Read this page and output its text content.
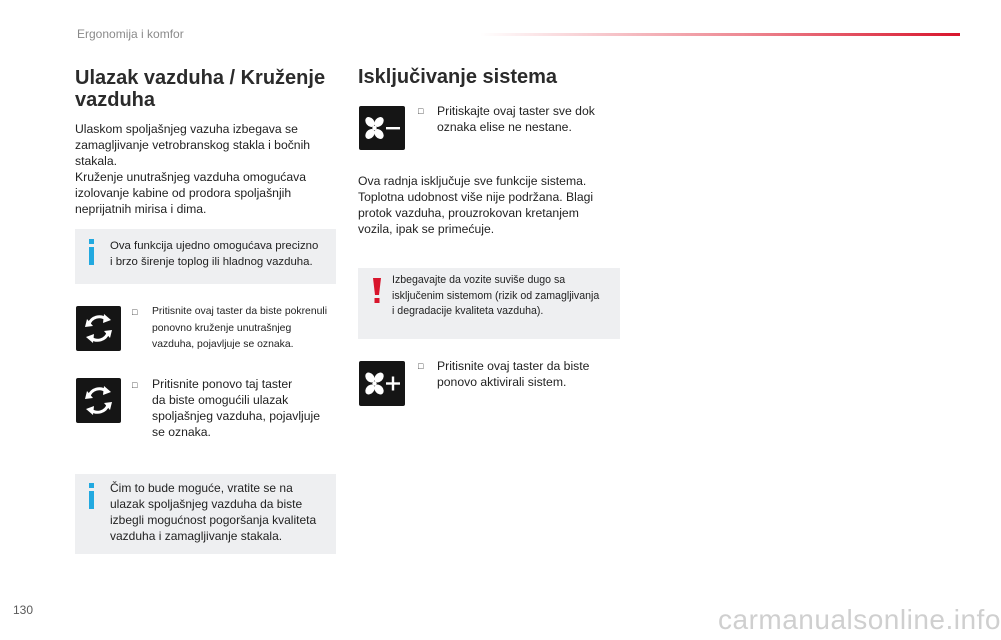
Ergonomija i komfor
Ulazak vazduha / Kruženje
vazduha

Ulaskom spoljašnjeg vazuha izbegava se

zamagljivanje vetrobranskog stakla i bočnih

stakala.

Kruženje unutrašnjeg vazduha omogućava

izolovanje kabine od prodora spoljašnjih

neprijatnih mirisa i dima.

Ova funkcija ujedno omogućava precizno
i brzo širenje toplog ili hladnog vazduha.
□ Pritisnite ovaj taster da biste pokrenuli
ponovno kruženje unutrašnjeg
vazduha, pojavljuje se oznaka.
□ Pritisnite ponovo taj taster
da biste omogućili ulazak
spoljašnjeg vazduha, pojavljuje
se oznaka.
Čim to bude moguće, vratite se na
ulazak spoljašnjeg vazduha da biste
izbegli mogućnost pogoršanja kvaliteta
vazduha i zamagljivanje stakala.
Isključivanje sistema
□ Pritiskajte ovaj taster sve dok
oznaka elise ne nestane.

Ova radnja isključuje sve funkcije sistema.

Toplotna udobnost više nije podržana. Blagi

protok vazduha, prouzrokovan kretanjem

vozila, ipak se primećuje.

Izbegavajte da vozite suviše dugo sa
isključenim sistemom (rizik od zamagljivanja
i degradacije kvaliteta vazduha).
□ Pritisnite ovaj taster da biste
ponovo aktivirali sistem.
130	carmanualsonline.info
